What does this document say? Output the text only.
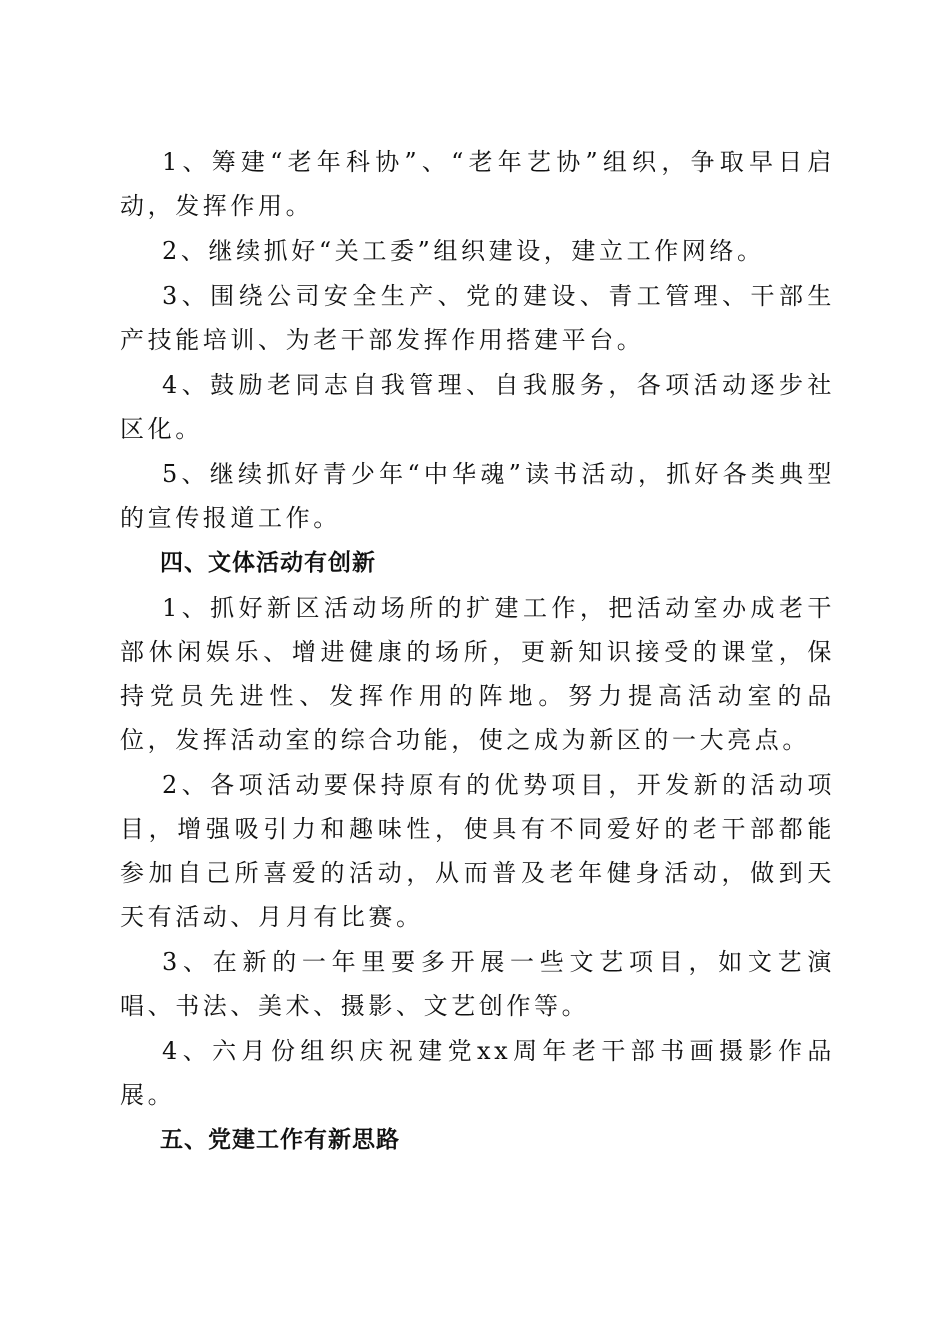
1、筹建“老年科协”、“老年艺协”组织，争取早日启动，发挥作用。

2、继续抓好“关工委”组织建设，建立工作网络。

3、围绕公司安全生产、党的建设、青工管理、干部生产技能培训、为老干部发挥作用搭建平台。

4、鼓励老同志自我管理、自我服务，各项活动逐步社区化。

5、继续抓好青少年“中华魂”读书活动，抓好各类典型的宣传报道工作。

四、文体活动有创新

1、抓好新区活动场所的扩建工作，把活动室办成老干部休闲娱乐、增进健康的场所，更新知识接受的课堂，保持党员先进性、发挥作用的阵地。努力提高活动室的品位，发挥活动室的综合功能，使之成为新区的一大亮点。

2、各项活动要保持原有的优势项目，开发新的活动项目，增强吸引力和趣味性，使具有不同爱好的老干部都能参加自己所喜爱的活动，从而普及老年健身活动，做到天天有活动、月月有比赛。

3、在新的一年里要多开展一些文艺项目，如文艺演唱、书法、美术、摄影、文艺创作等。

4、六月份组织庆祝建党xx周年老干部书画摄影作品展。

五、党建工作有新思路
